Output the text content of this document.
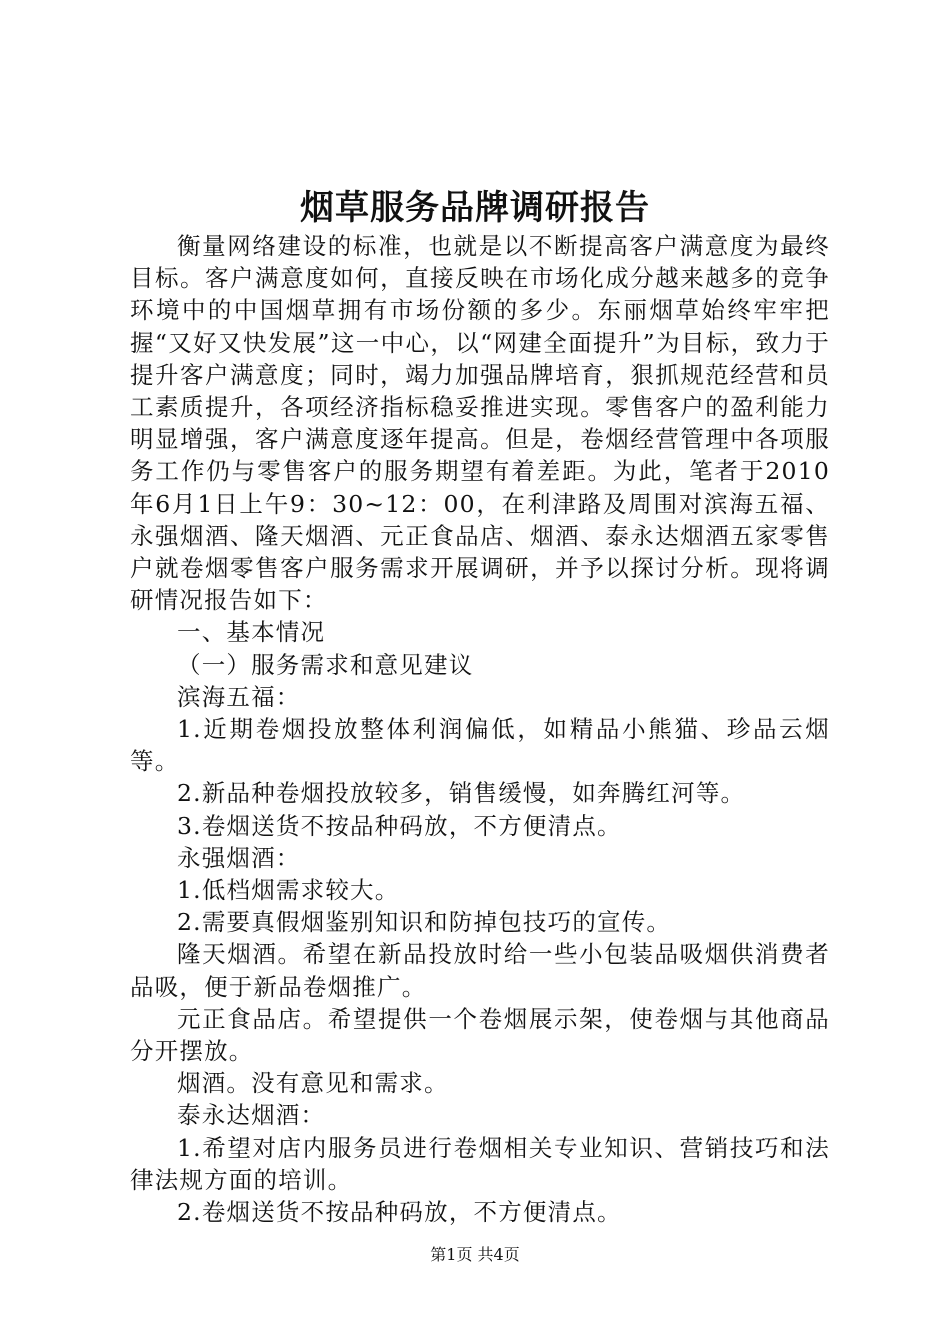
烟草服务品牌调研报告

衡量网络建设的标准，也就是以不断提高客户满意度为最终目标。客户满意度如何，直接反映在市场化成分越来越多的竞争环境中的中国烟草拥有市场份额的多少。东丽烟草始终牢牢把握“又好又快发展”这一中心，以“网建全面提升”为目标，致力于提升客户满意度；同时，竭力加强品牌培育，狠抓规范经营和员工素质提升，各项经济指标稳妥推进实现。零售客户的盈利能力明显增强，客户满意度逐年提高。但是，卷烟经营管理中各项服务工作仍与零售客户的服务期望有着差距。为此，笔者于2010年6月1日上午9：30~12：00，在利津路及周围对滨海五福、永强烟酒、隆天烟酒、元正食品店、烟酒、泰永达烟酒五家零售户就卷烟零售客户服务需求开展调研，并予以探讨分析。现将调研情况报告如下：

一、基本情况

（一）服务需求和意见建议

滨海五福：

1.近期卷烟投放整体利润偏低，如精品小熊猫、珍品云烟等。

2.新品种卷烟投放较多，销售缓慢，如奔腾红河等。

3.卷烟送货不按品种码放，不方便清点。

永强烟酒：

1.低档烟需求较大。

2.需要真假烟鉴别知识和防掉包技巧的宣传。

隆天烟酒。希望在新品投放时给一些小包装品吸烟供消费者品吸，便于新品卷烟推广。

元正食品店。希望提供一个卷烟展示架，使卷烟与其他商品分开摆放。

烟酒。没有意见和需求。

泰永达烟酒：

1.希望对店内服务员进行卷烟相关专业知识、营销技巧和法律法规方面的培训。

2.卷烟送货不按品种码放，不方便清点。

第1页 共4页
